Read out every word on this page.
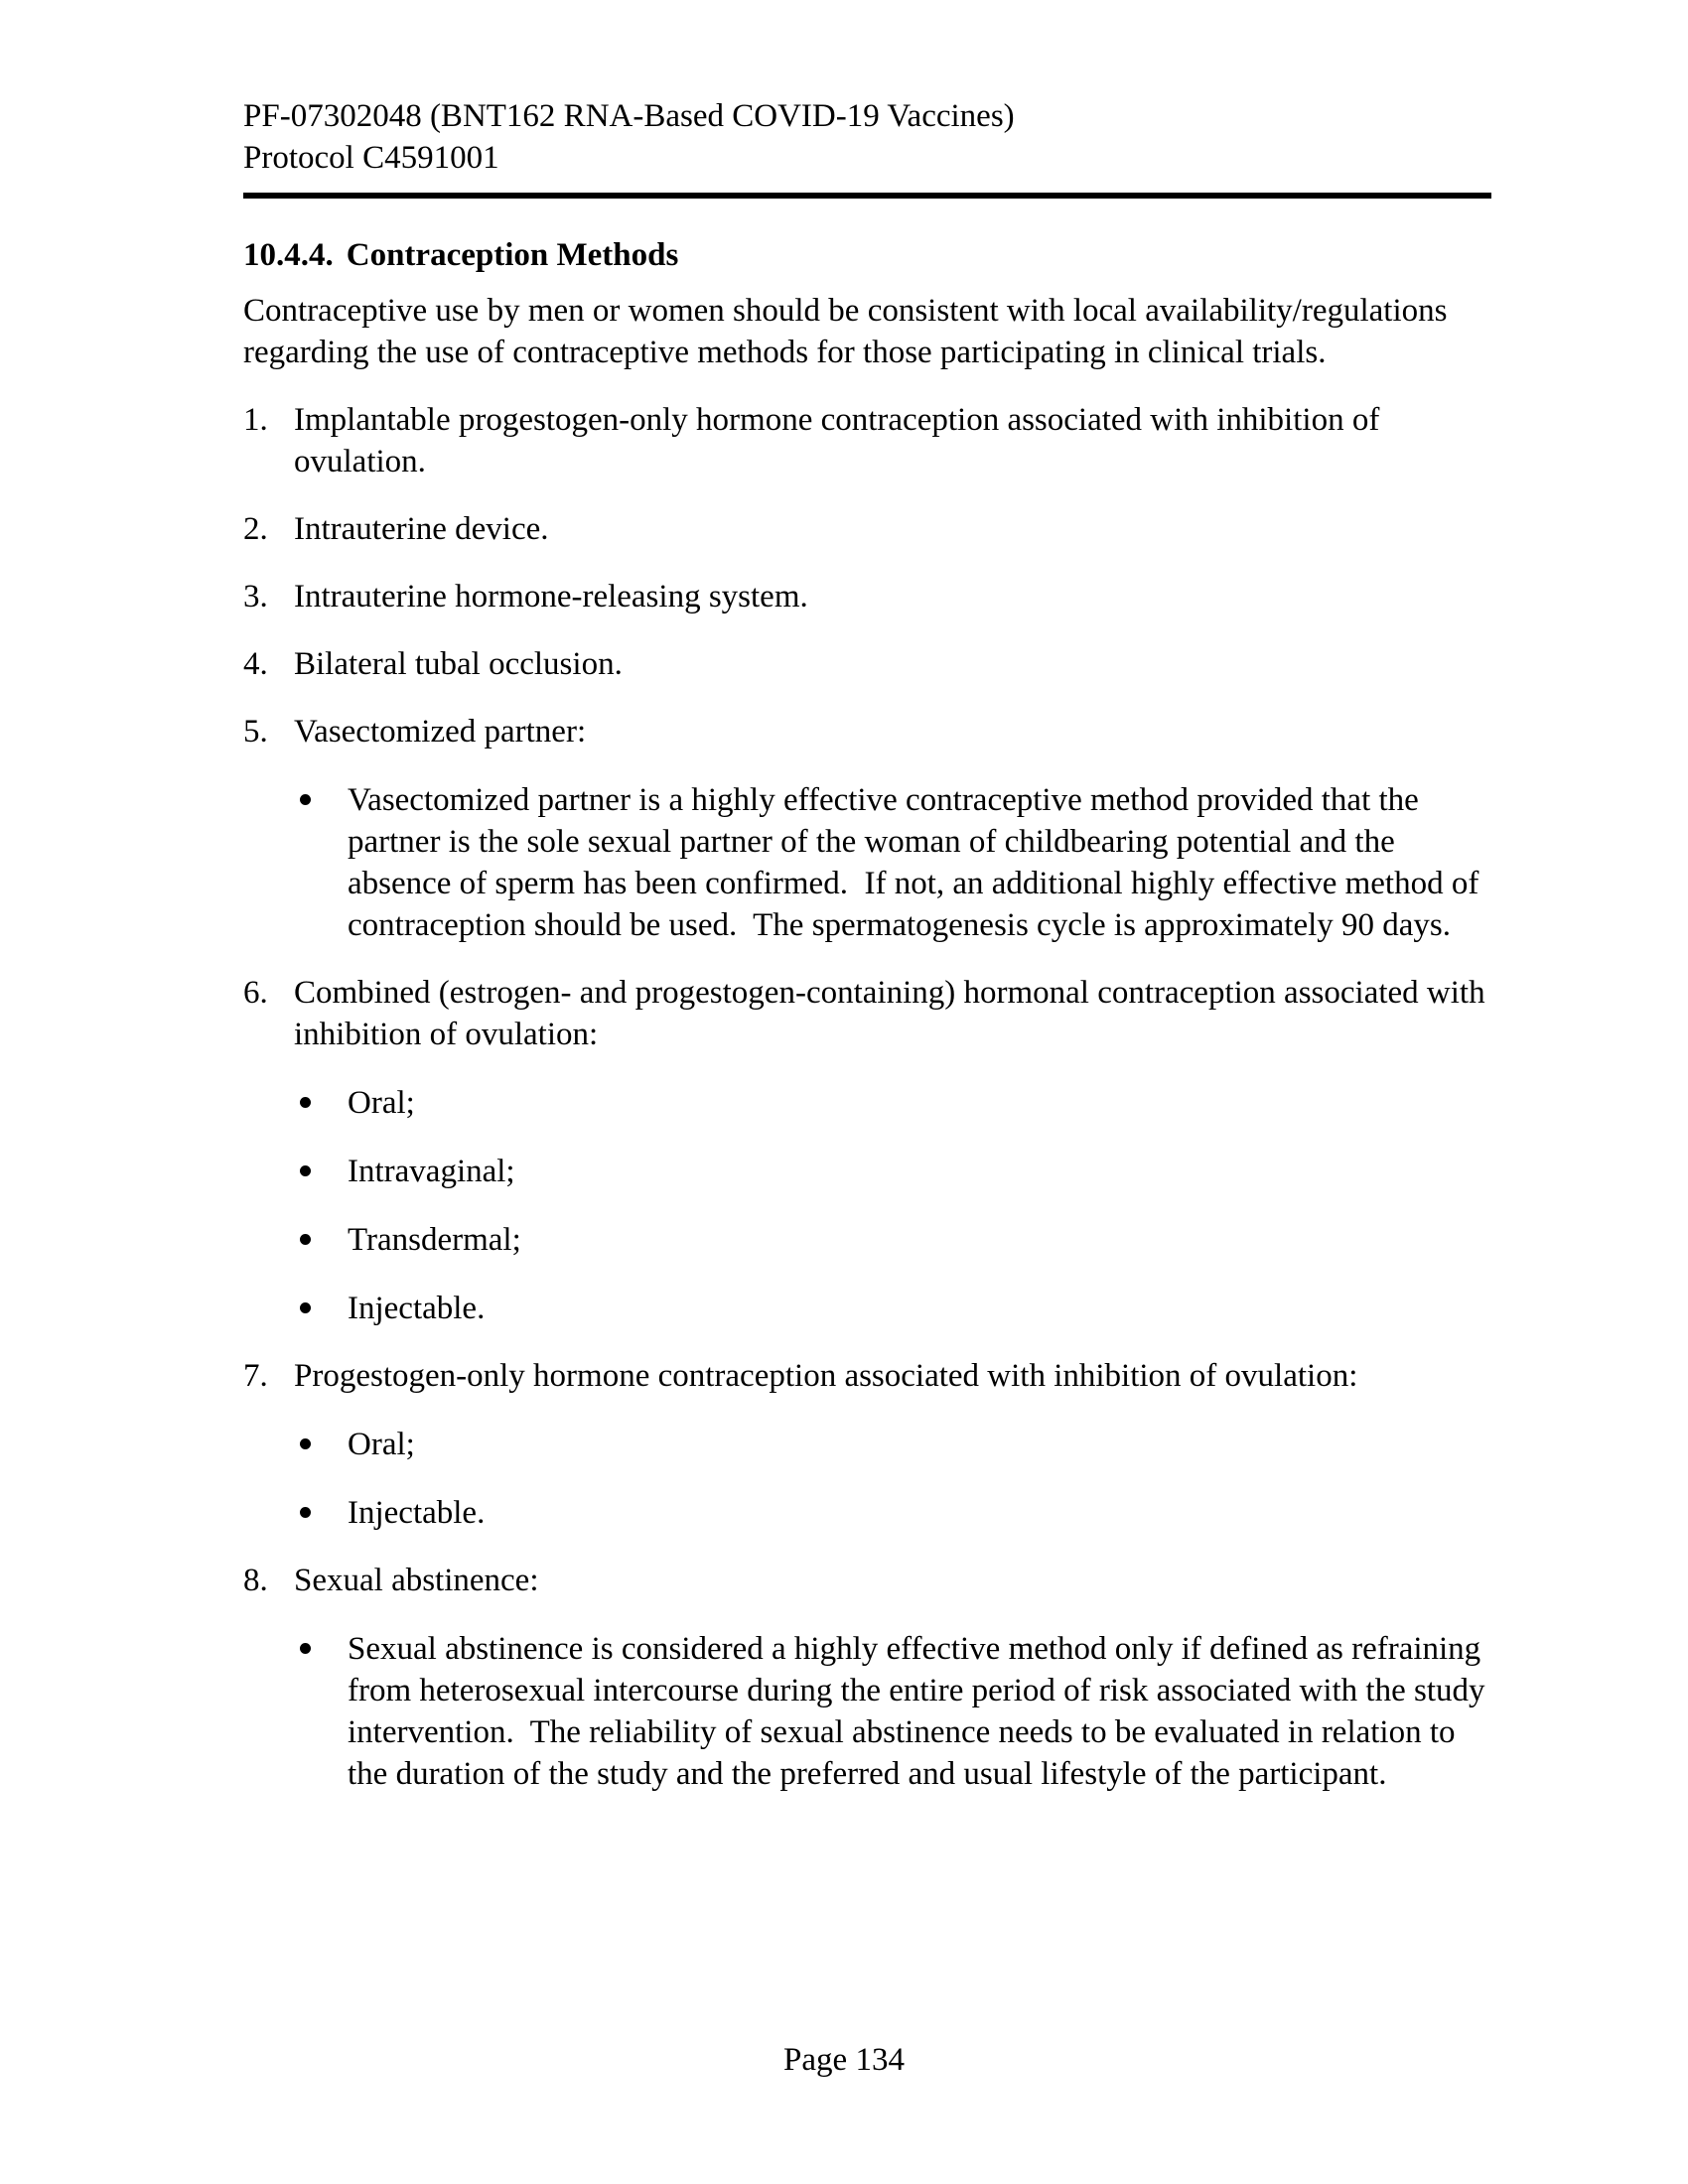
PF-07302048 (BNT162 RNA-Based COVID-19 Vaccines)
Protocol C4591001
10.4.4. Contraception Methods

Contraceptive use by men or women should be consistent with local availability/regulations regarding the use of contraceptive methods for those participating in clinical trials.

1. Implantable progestogen-only hormone contraception associated with inhibition of ovulation.
2. Intrauterine device.
3. Intrauterine hormone-releasing system.
4. Bilateral tubal occlusion.
5. Vasectomized partner:
Vasectomized partner is a highly effective contraceptive method provided that the partner is the sole sexual partner of the woman of childbearing potential and the absence of sperm has been confirmed.  If not, an additional highly effective method of contraception should be used.  The spermatogenesis cycle is approximately 90 days.
6. Combined (estrogen- and progestogen-containing) hormonal contraception associated with inhibition of ovulation:
Oral;
Intravaginal;
Transdermal;
Injectable.
7. Progestogen-only hormone contraception associated with inhibition of ovulation:
Oral;
Injectable.
8. Sexual abstinence:
Sexual abstinence is considered a highly effective method only if defined as refraining from heterosexual intercourse during the entire period of risk associated with the study intervention.  The reliability of sexual abstinence needs to be evaluated in relation to the duration of the study and the preferred and usual lifestyle of the participant.
Page 134
